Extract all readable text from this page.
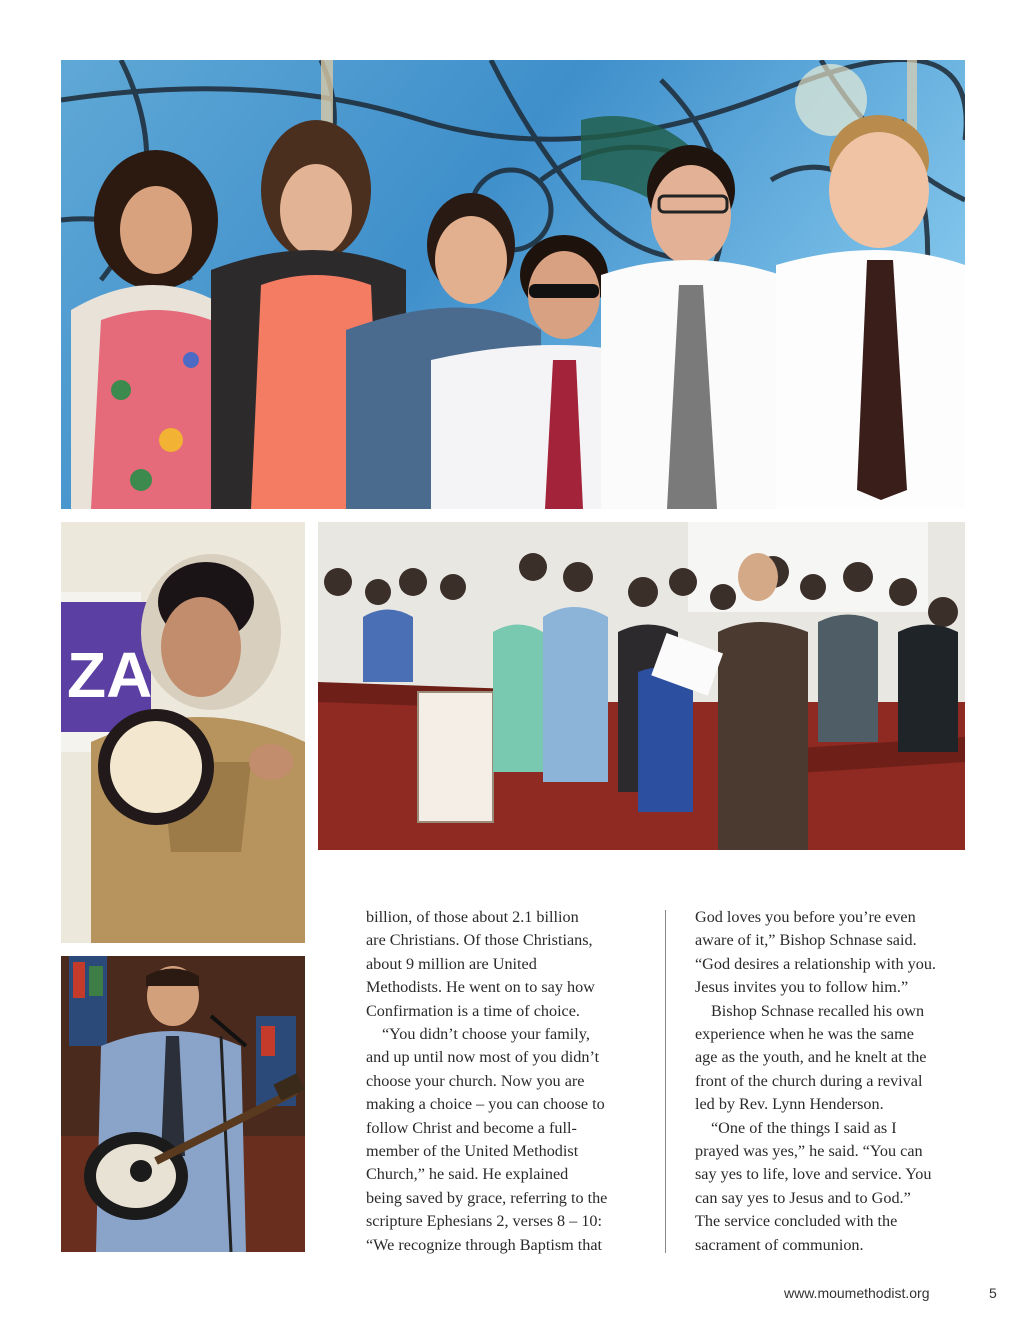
ZA

billion, of those about 2.1 billion

are Christians. Of those Christians,

about 9 million are United

Methodists. He went on to say how

Confirmation is a time of choice.

“You didn’t choose your family,

and up until now most of you didn’t

choose your church. Now you are

making a choice – you can choose to

follow Christ and become a full-

member of the United Methodist

Church,” he said. He explained

being saved by grace, referring to the

scripture Ephesians 2, verses 8 – 10:

“We recognize through Baptism that

God loves you before you’re even

aware of it,” Bishop Schnase said.

“God desires a relationship with you.

Jesus invites you to follow him.”

Bishop Schnase recalled his own

experience when he was the same

age as the youth, and he knelt at the

front of the church during a revival

led by Rev. Lynn Henderson.

“One of the things I said as I

prayed was yes,” he said. “You can

say yes to life, love and service. You

can say yes to Jesus and to God.”

The service concluded with the

sacrament of communion.

www.moumethodist.org	5
